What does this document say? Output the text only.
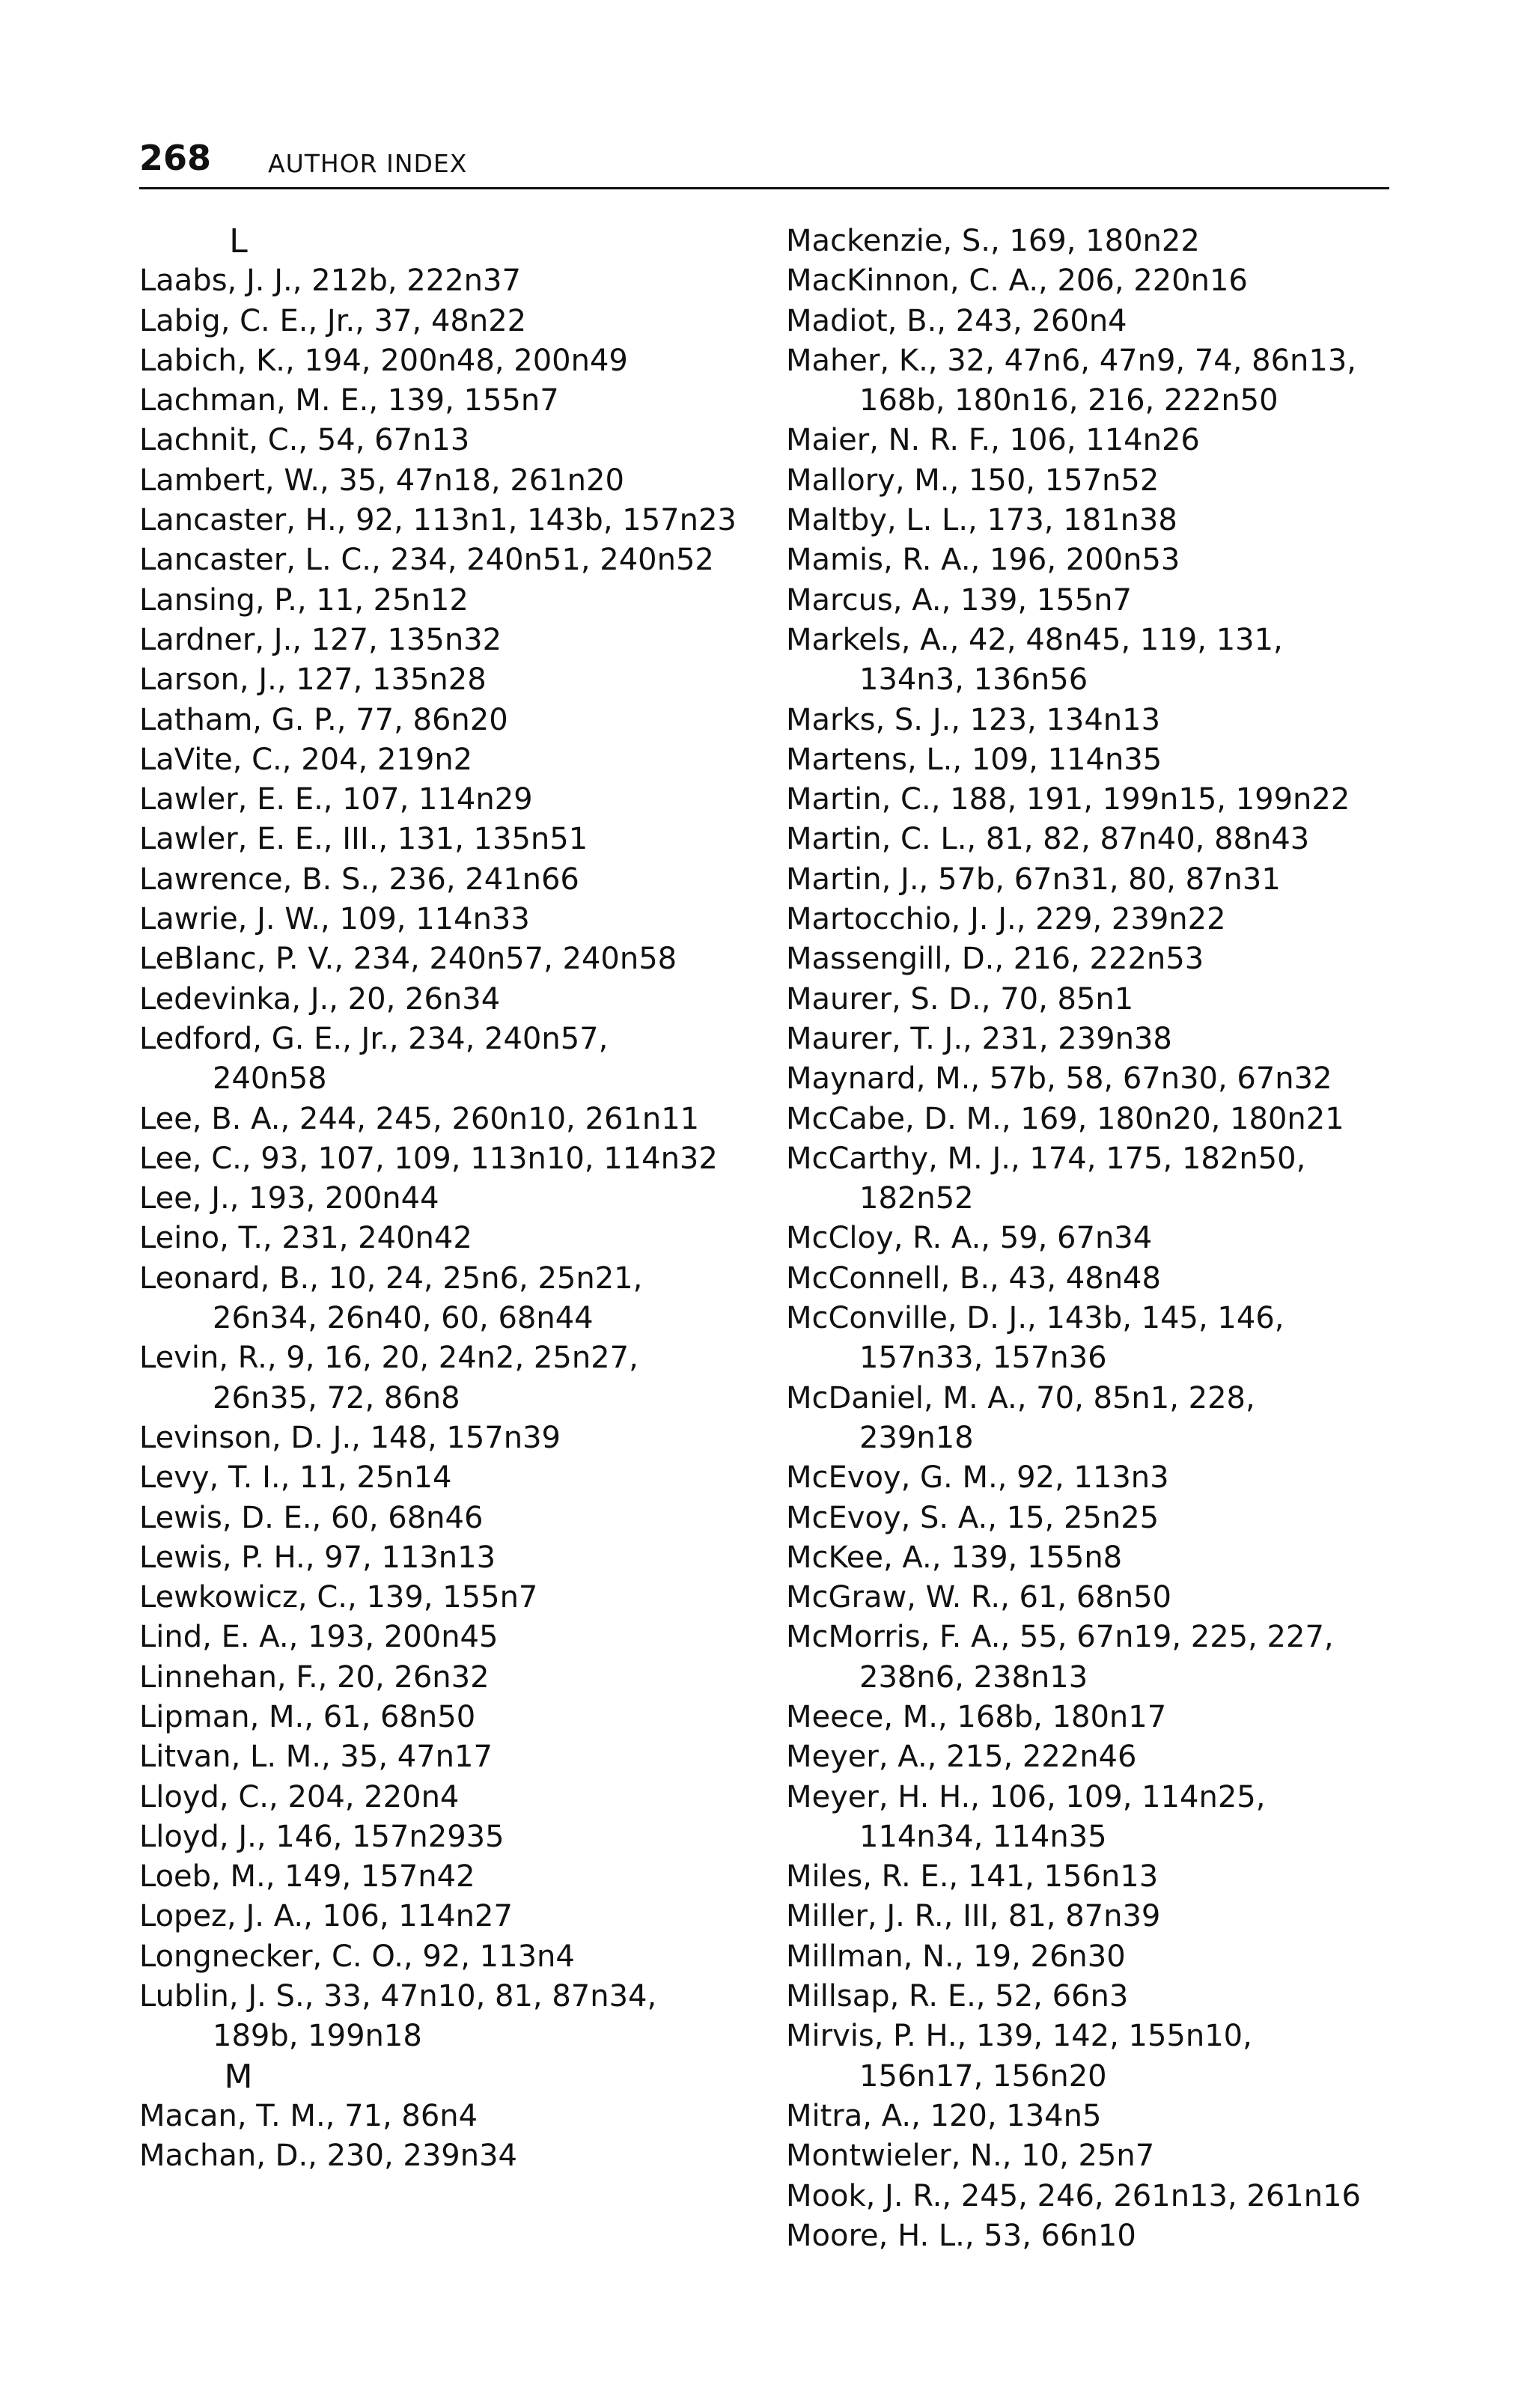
268 AUTHOR INDEX
L
Laabs, J. J., 212b, 222n37
Labig, C. E., Jr., 37, 48n22
Labich, K., 194, 200n48, 200n49
Lachman, M. E., 139, 155n7
Lachnit, C., 54, 67n13
Lambert, W., 35, 47n18, 261n20
Lancaster, H., 92, 113n1, 143b, 157n23
Lancaster, L. C., 234, 240n51, 240n52
Lansing, P., 11, 25n12
Lardner, J., 127, 135n32
Larson, J., 127, 135n28
Latham, G. P., 77, 86n20
LaVite, C., 204, 219n2
Lawler, E. E., 107, 114n29
Lawler, E. E., III., 131, 135n51
Lawrence, B. S., 236, 241n66
Lawrie, J. W., 109, 114n33
LeBlanc, P. V., 234, 240n57, 240n58
Ledevinka, J., 20, 26n34
Ledford, G. E., Jr., 234, 240n57,
240n58
Lee, B. A., 244, 245, 260n10, 261n11
Lee, C., 93, 107, 109, 113n10, 114n32
Lee, J., 193, 200n44
Leino, T., 231, 240n42
Leonard, B., 10, 24, 25n6, 25n21,
26n34, 26n40, 60, 68n44
Levin, R., 9, 16, 20, 24n2, 25n27,
26n35, 72, 86n8
Levinson, D. J., 148, 157n39
Levy, T. I., 11, 25n14
Lewis, D. E., 60, 68n46
Lewis, P. H., 97, 113n13
Lewkowicz, C., 139, 155n7
Lind, E. A., 193, 200n45
Linnehan, F., 20, 26n32
Lipman, M., 61, 68n50
Litvan, L. M., 35, 47n17
Lloyd, C., 204, 220n4
Lloyd, J., 146, 157n2935
Loeb, M., 149, 157n42
Lopez, J. A., 106, 114n27
Longnecker, C. O., 92, 113n4
Lublin, J. S., 33, 47n10, 81, 87n34,
189b, 199n18
M
Macan, T. M., 71, 86n4
Machan, D., 230, 239n34
Mackenzie, S., 169, 180n22
MacKinnon, C. A., 206, 220n16
Madiot, B., 243, 260n4
Maher, K., 32, 47n6, 47n9, 74, 86n13,
168b, 180n16, 216, 222n50
Maier, N. R. F., 106, 114n26
Mallory, M., 150, 157n52
Maltby, L. L., 173, 181n38
Mamis, R. A., 196, 200n53
Marcus, A., 139, 155n7
Markels, A., 42, 48n45, 119, 131,
134n3, 136n56
Marks, S. J., 123, 134n13
Martens, L., 109, 114n35
Martin, C., 188, 191, 199n15, 199n22
Martin, C. L., 81, 82, 87n40, 88n43
Martin, J., 57b, 67n31, 80, 87n31
Martocchio, J. J., 229, 239n22
Massengill, D., 216, 222n53
Maurer, S. D., 70, 85n1
Maurer, T. J., 231, 239n38
Maynard, M., 57b, 58, 67n30, 67n32
McCabe, D. M., 169, 180n20, 180n21
McCarthy, M. J., 174, 175, 182n50,
182n52
McCloy, R. A., 59, 67n34
McConnell, B., 43, 48n48
McConville, D. J., 143b, 145, 146,
157n33, 157n36
McDaniel, M. A., 70, 85n1, 228,
239n18
McEvoy, G. M., 92, 113n3
McEvoy, S. A., 15, 25n25
McKee, A., 139, 155n8
McGraw, W. R., 61, 68n50
McMorris, F. A., 55, 67n19, 225, 227,
238n6, 238n13
Meece, M., 168b, 180n17
Meyer, A., 215, 222n46
Meyer, H. H., 106, 109, 114n25,
114n34, 114n35
Miles, R. E., 141, 156n13
Miller, J. R., III, 81, 87n39
Millman, N., 19, 26n30
Millsap, R. E., 52, 66n3
Mirvis, P. H., 139, 142, 155n10,
156n17, 156n20
Mitra, A., 120, 134n5
Montwieler, N., 10, 25n7
Mook, J. R., 245, 246, 261n13, 261n16
Moore, H. L., 53, 66n10
